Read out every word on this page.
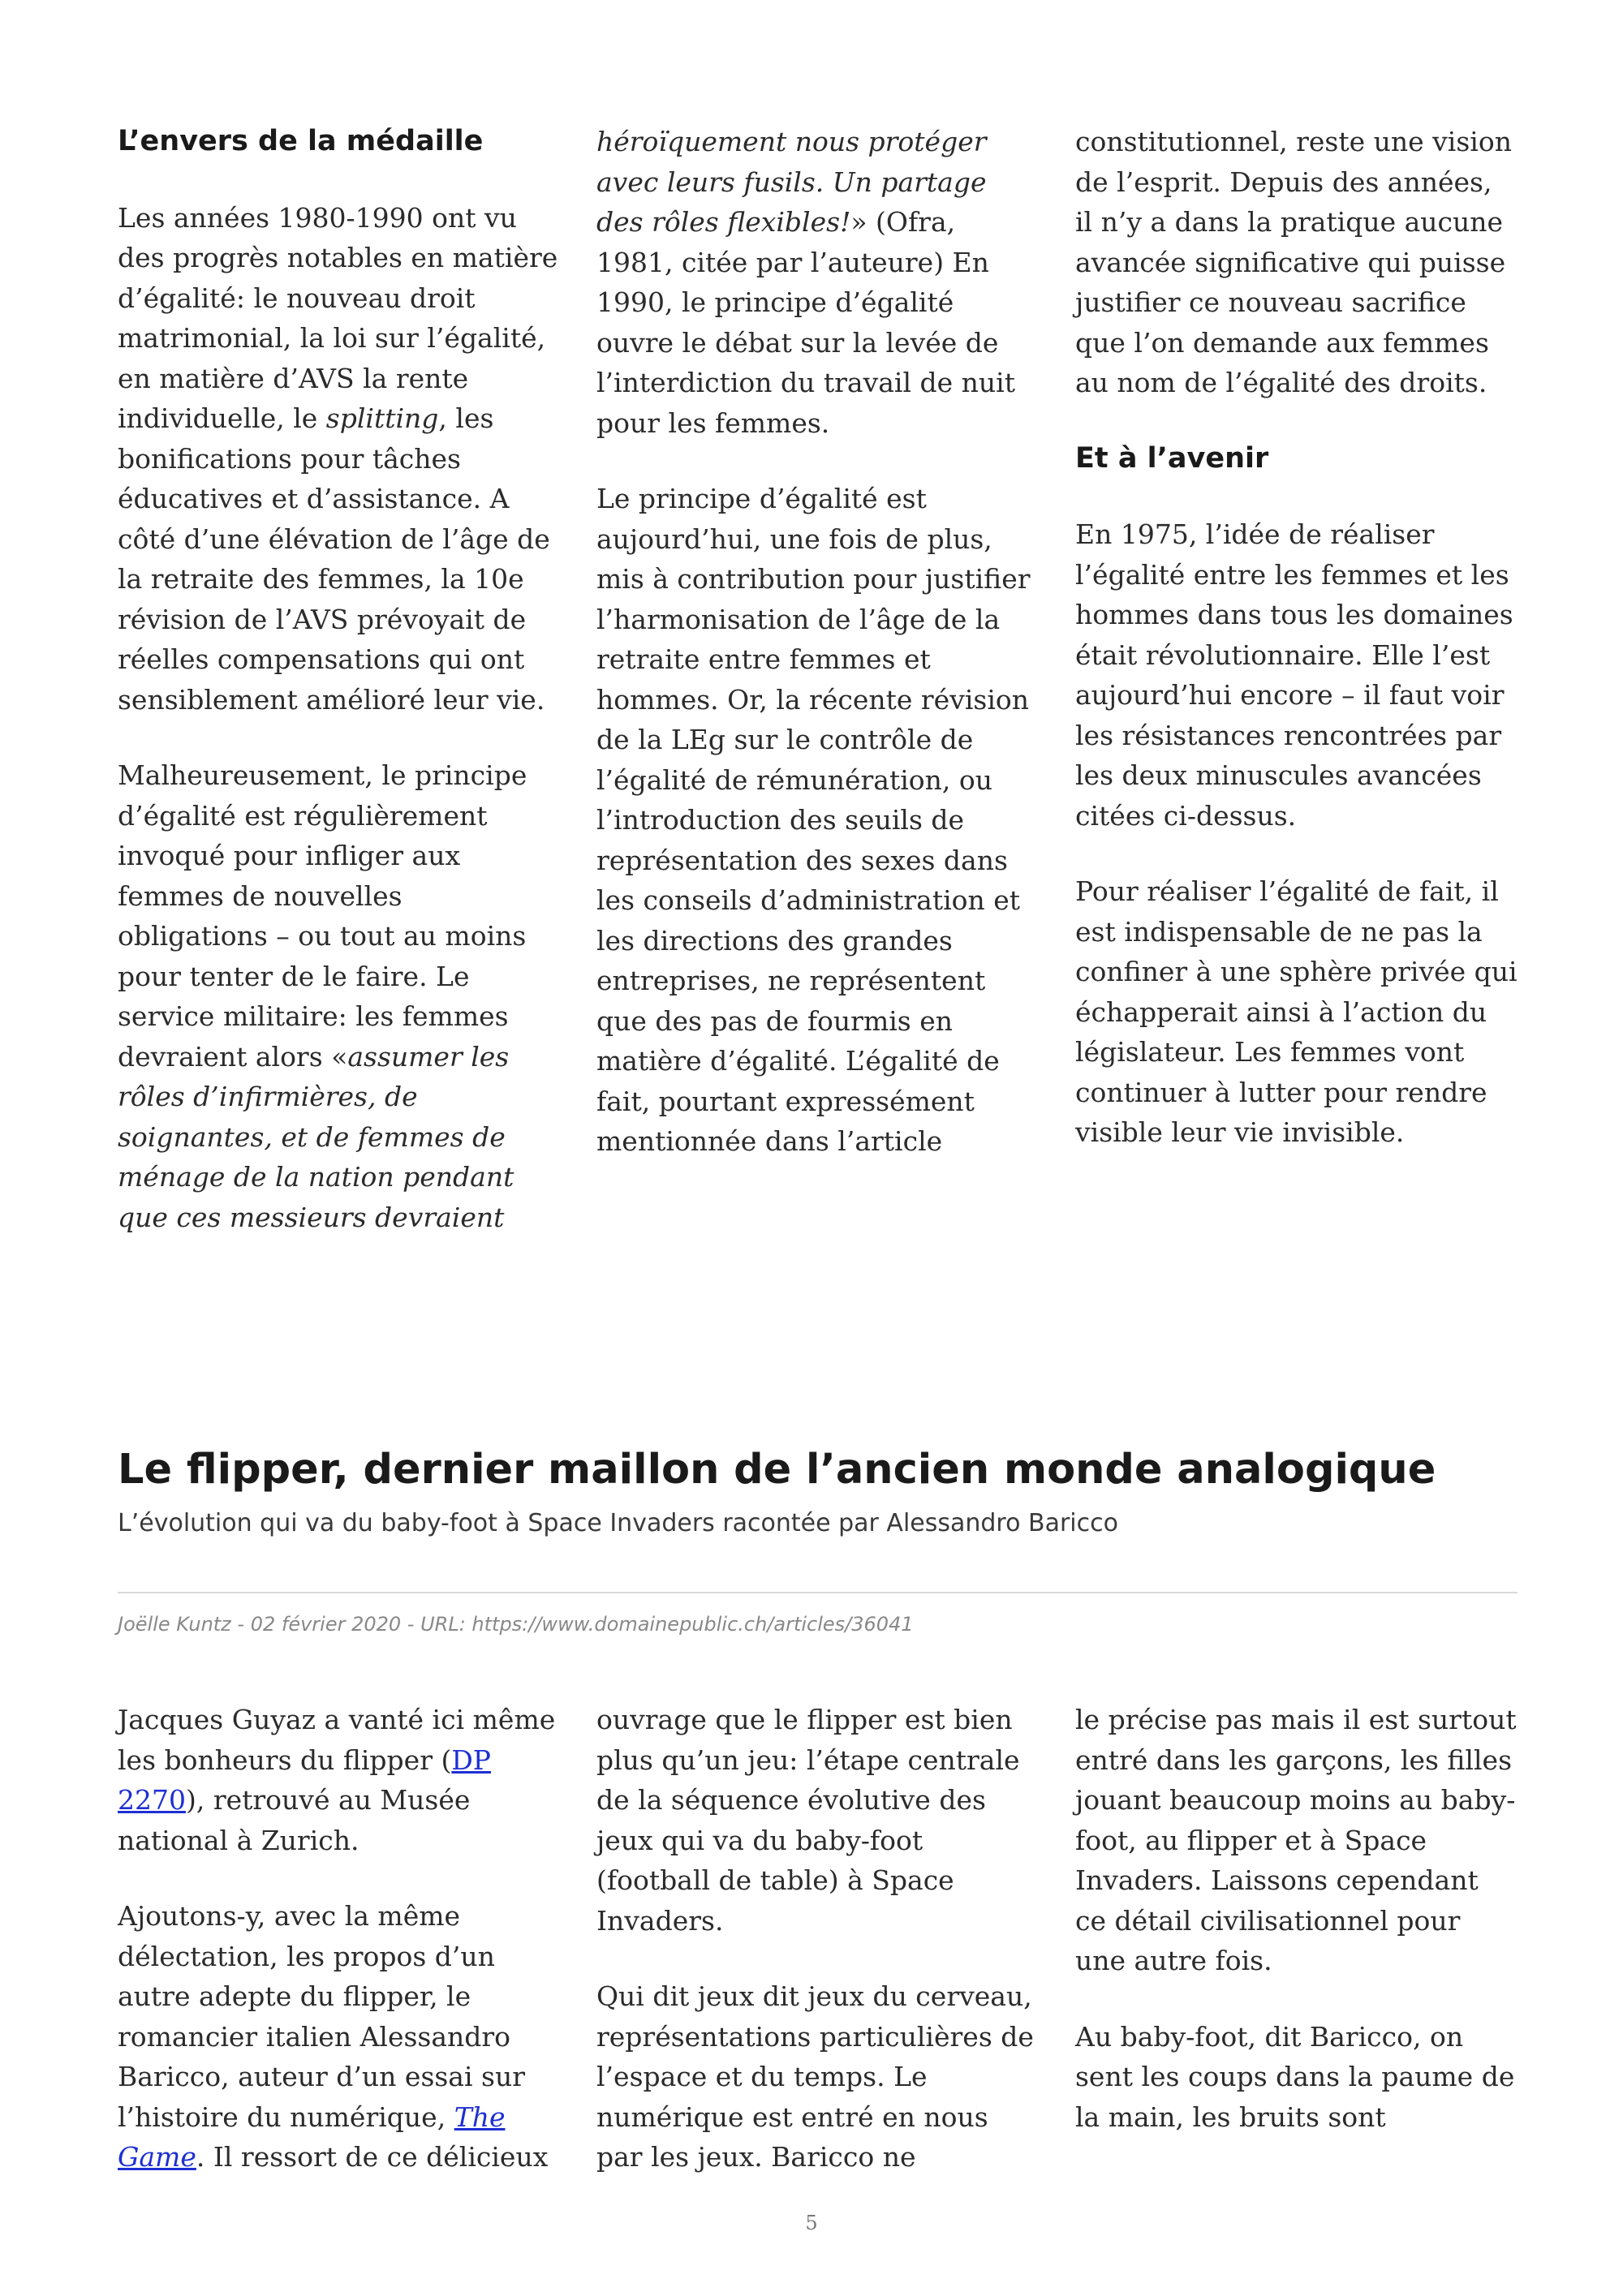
L’envers de la médaille

Les années 1980-1990 ont vu des progrès notables en matière d’égalité: le nouveau droit matrimonial, la loi sur l’égalité, en matière d’AVS la rente individuelle, le splitting, les bonifications pour tâches éducatives et d’assistance. A côté d’une élévation de l’âge de la retraite des femmes, la 10e révision de l’AVS prévoyait de réelles compensations qui ont sensiblement amélioré leur vie.

Malheureusement, le principe d’égalité est régulièrement invoqué pour infliger aux femmes de nouvelles obligations – ou tout au moins pour tenter de le faire. Le service militaire: les femmes devraient alors «assumer les rôles d’infirmières, de soignantes, et de femmes de ménage de la nation pendant que ces messieurs devraient

héroïquement nous protéger avec leurs fusils. Un partage des rôles flexibles!» (Ofra, 1981, citée par l’auteure) En 1990, le principe d’égalité ouvre le débat sur la levée de l’interdiction du travail de nuit pour les femmes.

Le principe d’égalité est aujourd’hui, une fois de plus, mis à contribution pour justifier l’harmonisation de l’âge de la retraite entre femmes et hommes. Or, la récente révision de la LEg sur le contrôle de l’égalité de rémunération, ou l’introduction des seuils de représentation des sexes dans les conseils d’administration et les directions des grandes entreprises, ne représentent que des pas de fourmis en matière d’égalité. L’égalité de fait, pourtant expressément mentionnée dans l’article

constitutionnel, reste une vision de l’esprit. Depuis des années, il n’y a dans la pratique aucune avancée significative qui puisse justifier ce nouveau sacrifice que l’on demande aux femmes au nom de l’égalité des droits.

Et à l’avenir

En 1975, l’idée de réaliser l’égalité entre les femmes et les hommes dans tous les domaines était révolutionnaire. Elle l’est aujourd’hui encore – il faut voir les résistances rencontrées par les deux minuscules avancées citées ci-dessus.

Pour réaliser l’égalité de fait, il est indispensable de ne pas la confiner à une sphère privée qui échapperait ainsi à l’action du législateur. Les femmes vont continuer à lutter pour rendre visible leur vie invisible.

Le flipper, dernier maillon de l’ancien monde analogique

L’évolution qui va du baby-foot à Space Invaders racontée par Alessandro Baricco

Joëlle Kuntz - 02 février 2020 - URL: https://www.domainepublic.ch/articles/36041

Jacques Guyaz a vanté ici même les bonheurs du flipper (DP 2270), retrouvé au Musée national à Zurich.

Ajoutons-y, avec la même délectation, les propos d’un autre adepte du flipper, le romancier italien Alessandro Baricco, auteur d’un essai sur l’histoire du numérique, The Game. Il ressort de ce délicieux

ouvrage que le flipper est bien plus qu’un jeu: l’étape centrale de la séquence évolutive des jeux qui va du baby-foot (football de table) à Space Invaders.

Qui dit jeux dit jeux du cerveau, représentations particulières de l’espace et du temps. Le numérique est entré en nous par les jeux. Baricco ne

le précise pas mais il est surtout entré dans les garçons, les filles jouant beaucoup moins au baby-foot, au flipper et à Space Invaders. Laissons cependant ce détail civilisationnel pour une autre fois.

Au baby-foot, dit Baricco, on sent les coups dans la paume de la main, les bruits sont

5
